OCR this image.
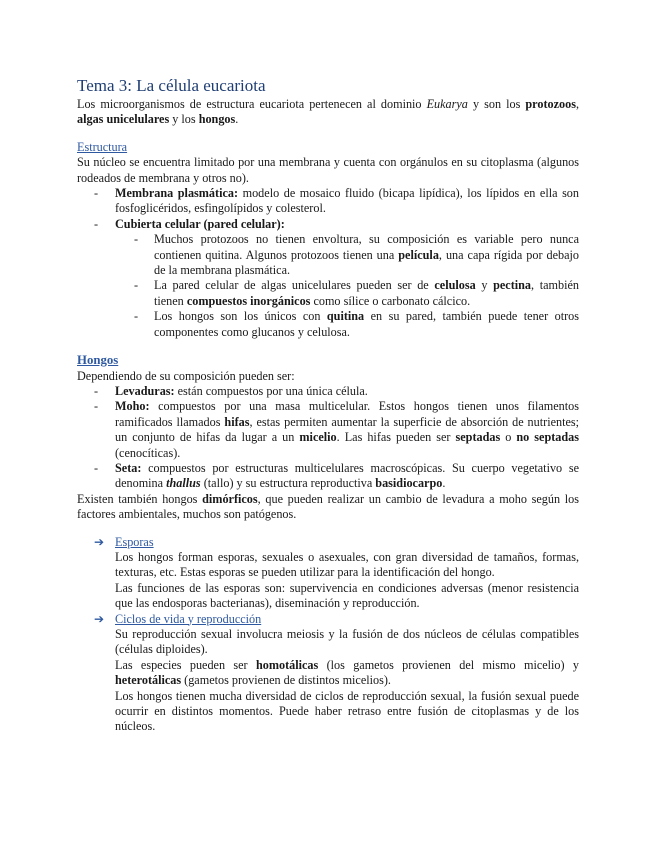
Tema 3: La célula eucariota

Los microorganismos de estructura eucariota pertenecen al dominio Eukarya y son los protozoos, algas unicelulares y los hongos.

Estructura

Su núcleo se encuentra limitado por una membrana y cuenta con orgánulos en su citoplasma (algunos rodeados de membrana y otros no).

- Membrana plasmática: modelo de mosaico fluido (bicapa lipídica), los lípidos en ella son fosfoglicéridos, esfingolípidos y colesterol.
- Cubierta celular (pared celular):
- Muchos protozoos no tienen envoltura, su composición es variable pero nunca contienen quitina. Algunos protozoos tienen una película, una capa rígida por debajo de la membrana plasmática.
- La pared celular de algas unicelulares pueden ser de celulosa y pectina, también tienen compuestos inorgánicos como sílice o carbonato cálcico.
- Los hongos son los únicos con quitina en su pared, también puede tener otros componentes como glucanos y celulosa.
Hongos

Dependiendo de su composición pueden ser:

- Levaduras: están compuestos por una única célula.
- Moho: compuestos por una masa multicelular. Estos hongos tienen unos filamentos ramificados llamados hifas, estas permiten aumentar la superficie de absorción de nutrientes; un conjunto de hifas da lugar a un micelio. Las hifas pueden ser septadas o no septadas (cenocíticas).
- Seta: compuestos por estructuras multicelulares macroscópicas. Su cuerpo vegetativo se denomina thallus (tallo) y su estructura reproductiva basidiocarpo.

Existen también hongos dimórficos, que pueden realizar un cambio de levadura a moho según los factores ambientales, muchos son patógenos.

➔ Esporas

Los hongos forman esporas, sexuales o asexuales, con gran diversidad de tamaños, formas, texturas, etc. Estas esporas se pueden utilizar para la identificación del hongo.

Las funciones de las esporas son: supervivencia en condiciones adversas (menor resistencia que las endosporas bacterianas), diseminación y reproducción.

➔ Ciclos de vida y reproducción

Su reproducción sexual involucra meiosis y la fusión de dos núcleos de células compatibles (células diploides).

Las especies pueden ser homotálicas (los gametos provienen del mismo micelio) y heterotálicas (gametos provienen de distintos micelios).

Los hongos tienen mucha diversidad de ciclos de reproducción sexual, la fusión sexual puede ocurrir en distintos momentos. Puede haber retraso entre fusión de citoplasmas y de los núcleos.
